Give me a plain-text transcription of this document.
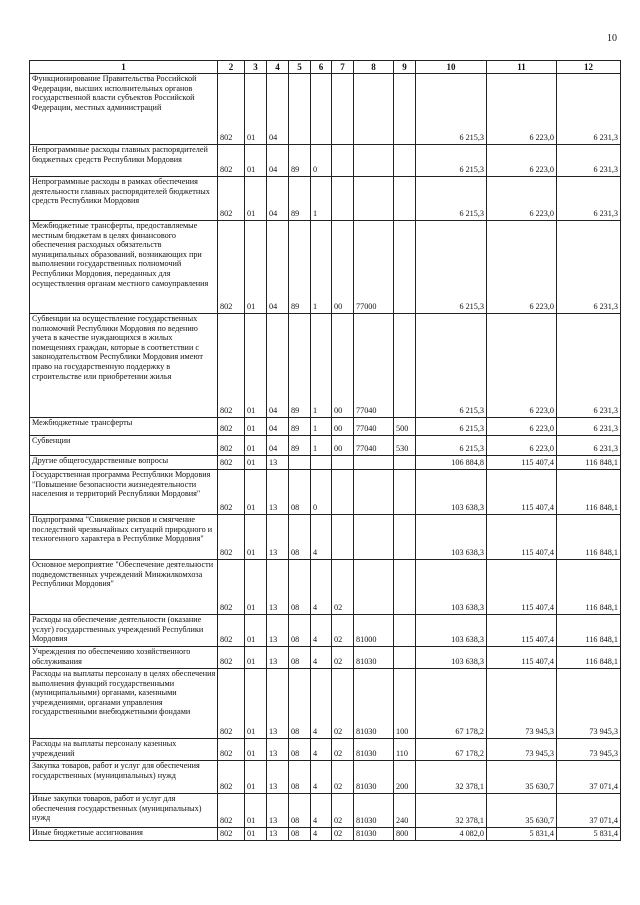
10
1	2	3	4	5	6	7	8	9	10	11	12
Функционирование Правительства Российской Федерации, высших исполнительных органов государственной власти субъектов Российской Федерации, местных администраций	802	01	04						6 215,3	6 223,0	6 231,3
Непрограммные расходы главных распорядителей бюджетных средств Республики Мордовия	802	01	04	89	0				6 215,3	6 223,0	6 231,3
Непрограммные расходы в рамках обеспечения деятельности главных распорядителей бюджетных средств Республики Мордовия	802	01	04	89	1				6 215,3	6 223,0	6 231,3
Межбюджетные трансферты, предоставляемые местным бюджетам в целях финансового обеспечения расходных обязательств муниципальных образований, возникающих при выполнении государственных полномочий Республики Мордовия, переданных для осуществления органам местного самоуправления	802	01	04	89	1	00	77000		6 215,3	6 223,0	6 231,3
Субвенции на осуществление государственных полномочий Республики Мордовия по ведению учета в качестве нуждающихся в жилых помещениях граждан, которые в соответствии с законодательством Республики Мордовия имеют право на государственную поддержку в строительстве или приобретении жилья	802	01	04	89	1	00	77040		6 215,3	6 223,0	6 231,3
Межбюджетные трансферты	802	01	04	89	1	00	77040	500	6 215,3	6 223,0	6 231,3
Субвенции	802	01	04	89	1	00	77040	530	6 215,3	6 223,0	6 231,3
Другие общегосударственные вопросы	802	01	13						106 884,8	115 407,4	116 848,1
Государственная программа Республики Мордовия "Повышение безопасности жизнедеятельности населения и территорий Республики Мордовия"	802	01	13	08	0				103 638,3	115 407,4	116 848,1
Подпрограмма "Снижение рисков и смягчение последствий чрезвычайных ситуаций природного и техногенного характера в Республике Мордовия"	802	01	13	08	4				103 638,3	115 407,4	116 848,1
Основное мероприятие "Обеспечение деятельности подведомственных учреждений Минжилкомхоза Республики Мордовия"	802	01	13	08	4	02			103 638,3	115 407,4	116 848,1
Расходы на обеспечение деятельности (оказание услуг) государственных учреждений Республики Мордовия	802	01	13	08	4	02	81000		103 638,3	115 407,4	116 848,1
Учреждения по обеспечению хозяйственного обслуживания	802	01	13	08	4	02	81030		103 638,3	115 407,4	116 848,1
Расходы на выплаты персоналу в целях обеспечения выполнения функций государственными (муниципальными) органами, казенными учреждениями, органами управления государственными внебюджетными фондами	802	01	13	08	4	02	81030	100	67 178,2	73 945,3	73 945,3
Расходы на выплаты персоналу казенных учреждений	802	01	13	08	4	02	81030	110	67 178,2	73 945,3	73 945,3
Закупка товаров, работ и услуг для обеспечения государственных (муниципальных) нужд	802	01	13	08	4	02	81030	200	32 378,1	35 630,7	37 071,4
Иные закупки товаров, работ и услуг для обеспечения государственных (муниципальных) нужд	802	01	13	08	4	02	81030	240	32 378,1	35 630,7	37 071,4
Иные бюджетные ассигнования	802	01	13	08	4	02	81030	800	4 082,0	5 831,4	5 831,4
